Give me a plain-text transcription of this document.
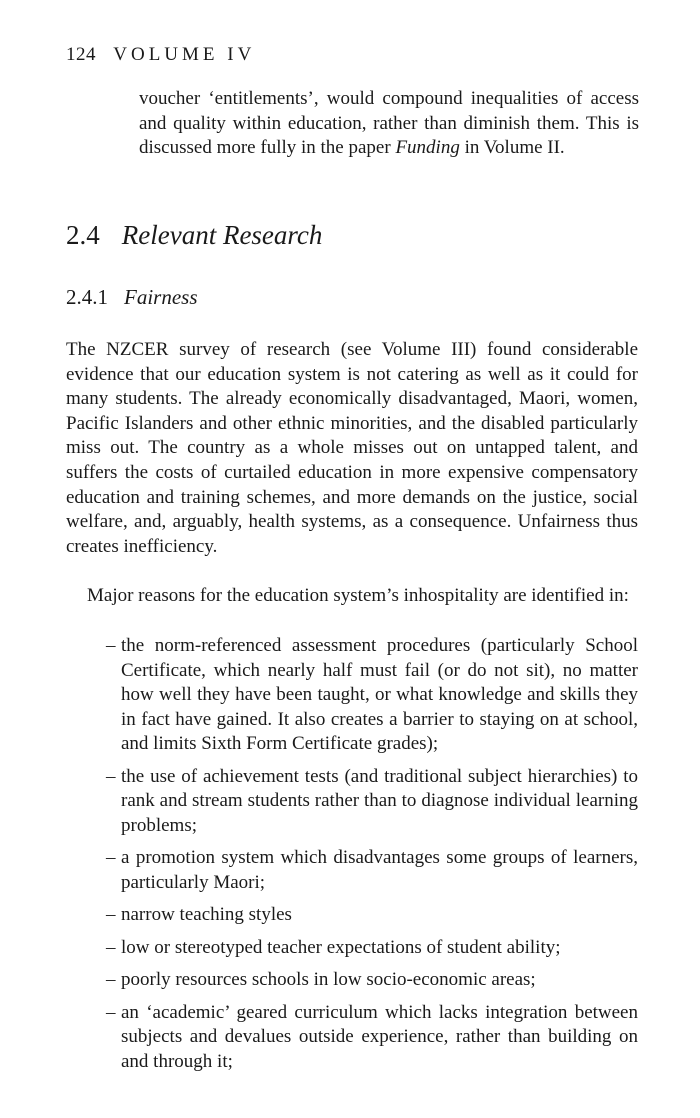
124 VOLUME IV
voucher ‘entitlements’, would compound inequalities of access and quality within education, rather than diminish them. This is discussed more fully in the paper Funding in Volume II.
2.4 Relevant Research
2.4.1 Fairness

The NZCER survey of research (see Volume III) found considerable evidence that our education system is not catering as well as it could for many students. The already economically disadvantaged, Maori, women, Pacific Islanders and other ethnic minorities, and the disabled particularly miss out. The country as a whole misses out on untapped talent, and suffers the costs of curtailed education in more expensive compensatory education and training schemes, and more demands on the justice, social welfare, and, arguably, health systems, as a consequence. Unfairness thus creates inefficiency.

Major reasons for the education system’s inhospitality are identified in:

– the norm-referenced assessment procedures (particularly School Certificate, which nearly half must fail (or do not sit), no matter how well they have been taught, or what knowledge and skills they in fact have gained. It also creates a barrier to staying on at school, and limits Sixth Form Certificate grades);
– the use of achievement tests (and traditional subject hierarchies) to rank and stream students rather than to diagnose individual learning problems;
– a promotion system which disadvantages some groups of learners, particularly Maori;
– narrow teaching styles
– low or stereotyped teacher expectations of student ability;
– poorly resources schools in low socio-economic areas;
– an ‘academic’ geared curriculum which lacks integration between subjects and devalues outside experience, rather than building on and through it;
